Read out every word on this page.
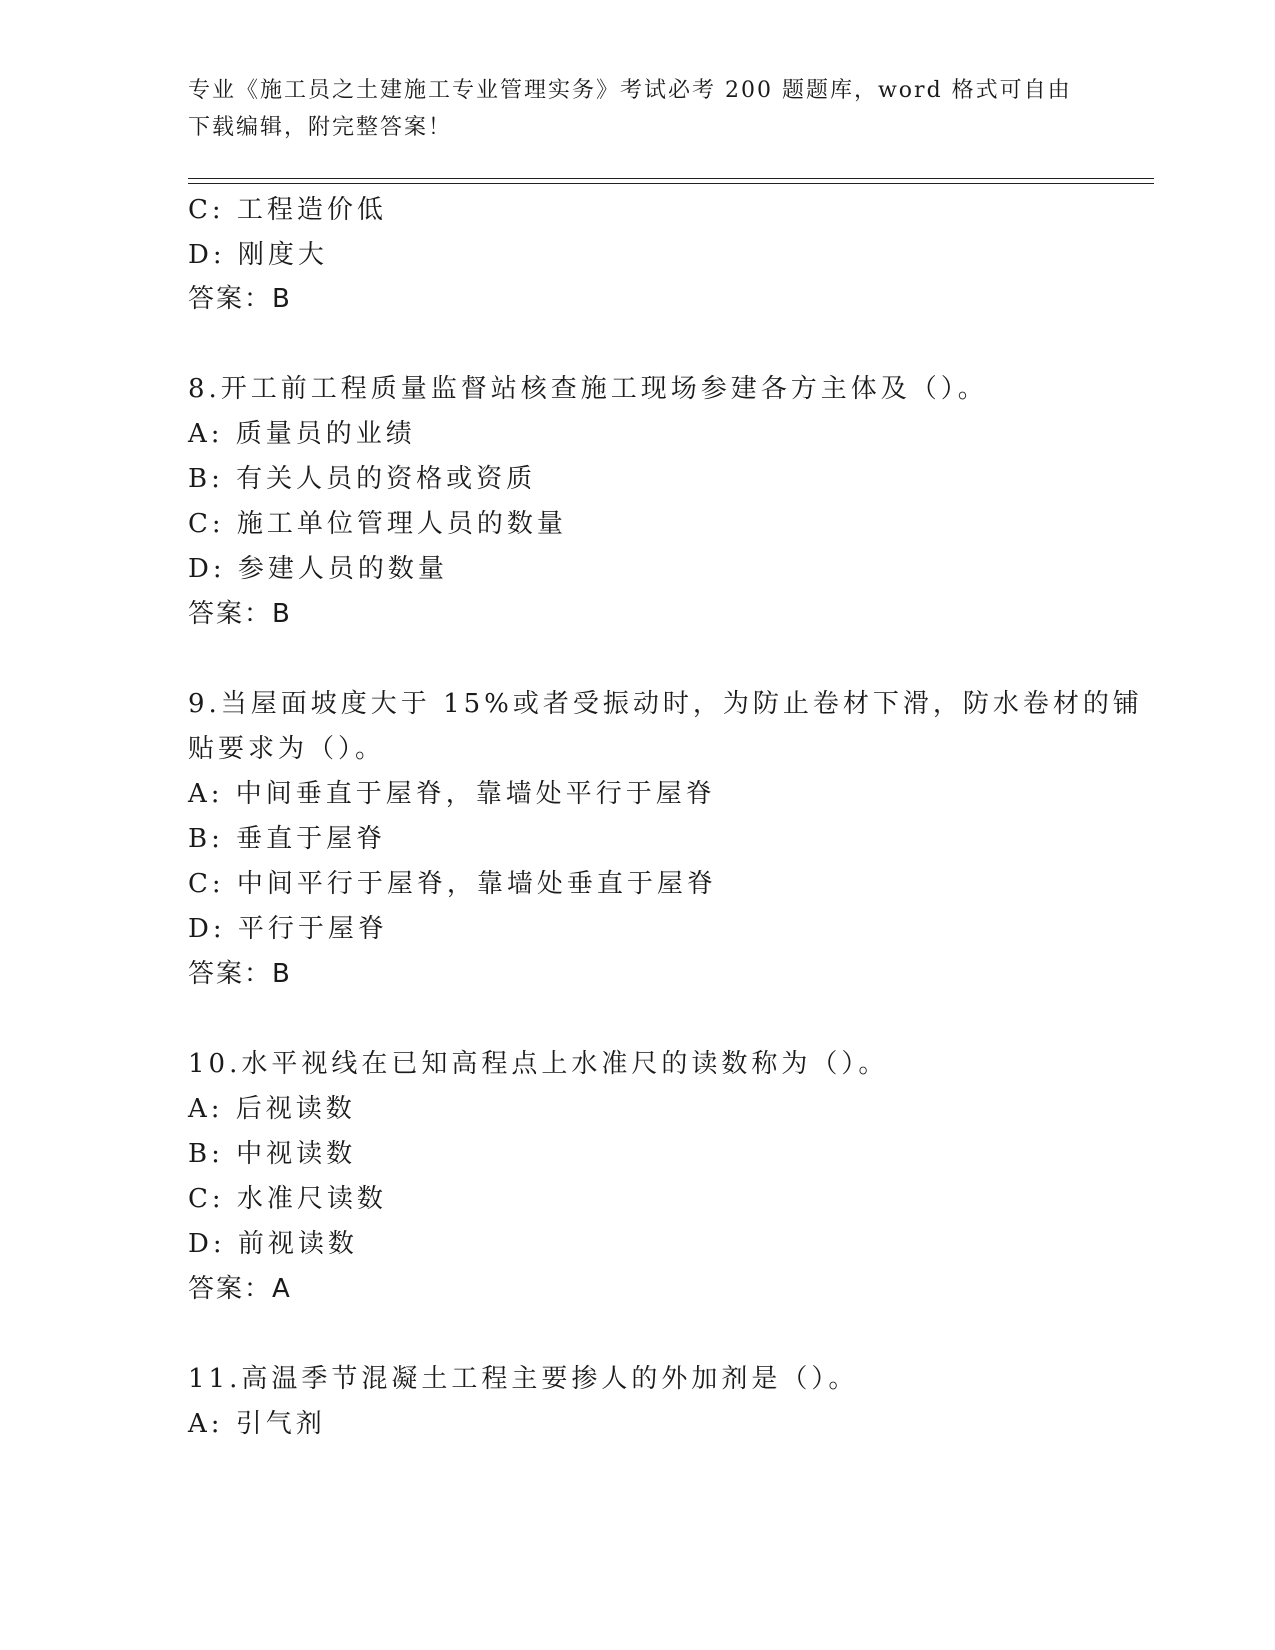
专业《施工员之土建施工专业管理实务》考试必考 200 题题库，word 格式可自由
下载编辑，附完整答案！
C: 工程造价低
D: 刚度大
答案：B
8.开工前工程质量监督站核查施工现场参建各方主体及（）。
A: 质量员的业绩
B: 有关人员的资格或资质
C: 施工单位管理人员的数量
D: 参建人员的数量
答案：B
9.当屋面坡度大于 15%或者受振动时，为防止卷材下滑，防水卷材的铺
贴要求为（）。
A: 中间垂直于屋脊，靠墙处平行于屋脊
B: 垂直于屋脊
C: 中间平行于屋脊，靠墙处垂直于屋脊
D: 平行于屋脊
答案：B
10.水平视线在已知高程点上水准尺的读数称为（）。
A: 后视读数
B: 中视读数
C: 水准尺读数
D: 前视读数
答案：A
11.高温季节混凝土工程主要掺人的外加剂是（）。
A: 引气剂
